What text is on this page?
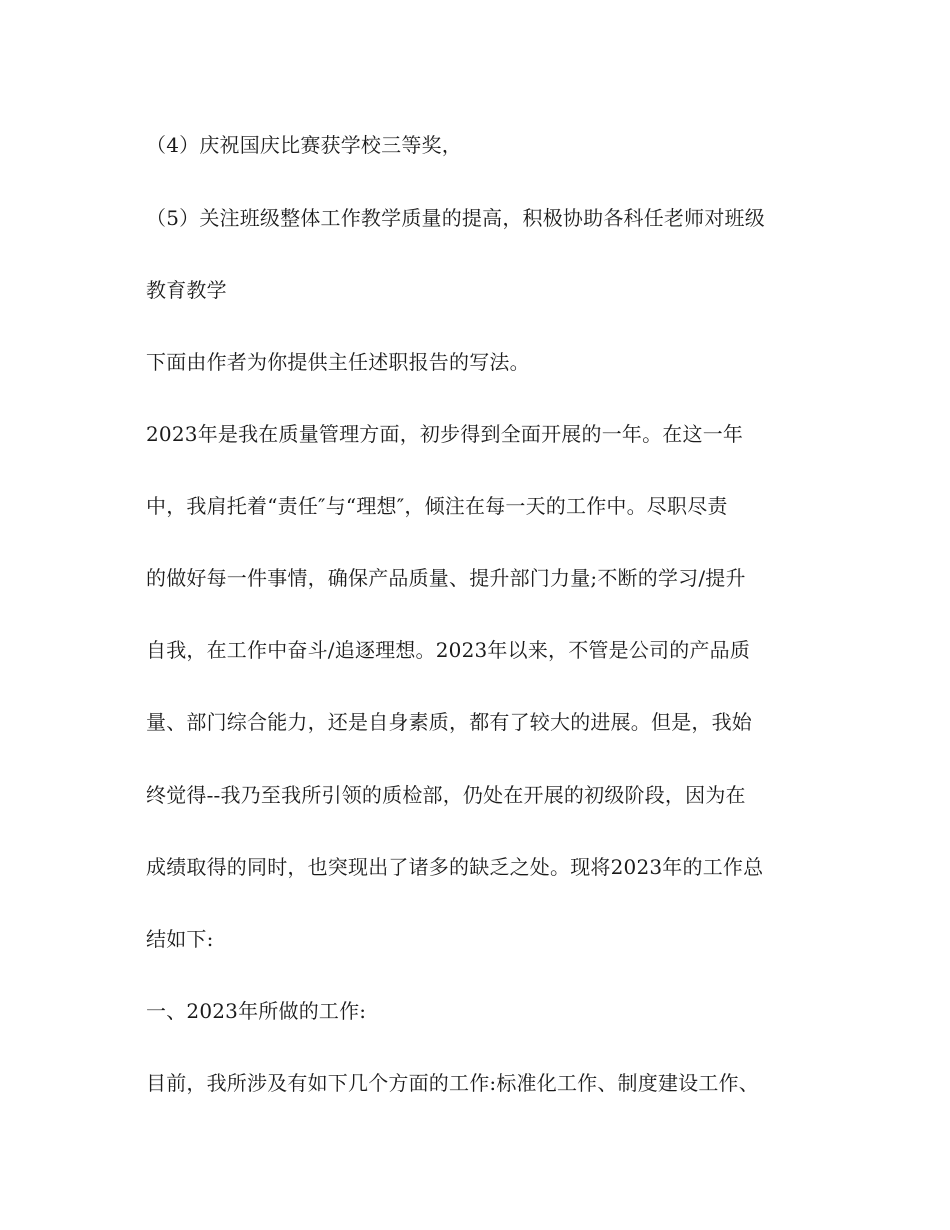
（4）庆祝国庆比赛获学校三等奖，
（5）关注班级整体工作教学质量的提高，积极协助各科任老师对班级
教育教学
下面由作者为你提供主任述职报告的写法。
2023年是我在质量管理方面，初步得到全面开展的一年。在这一年
中，我肩托着“责任″与“理想″，倾注在每一天的工作中。尽职尽责
的做好每一件事情，确保产品质量、提升部门力量;不断的学习/提升
自我，在工作中奋斗/追逐理想。2023年以来，不管是公司的产品质
量、部门综合能力，还是自身素质，都有了较大的进展。但是，我始
终觉得--我乃至我所引领的质检部，仍处在开展的初级阶段，因为在
成绩取得的同时，也突现出了诸多的缺乏之处。现将2023年的工作总
结如下:
一、2023年所做的工作:
目前，我所涉及有如下几个方面的工作:标准化工作、制度建设工作、
